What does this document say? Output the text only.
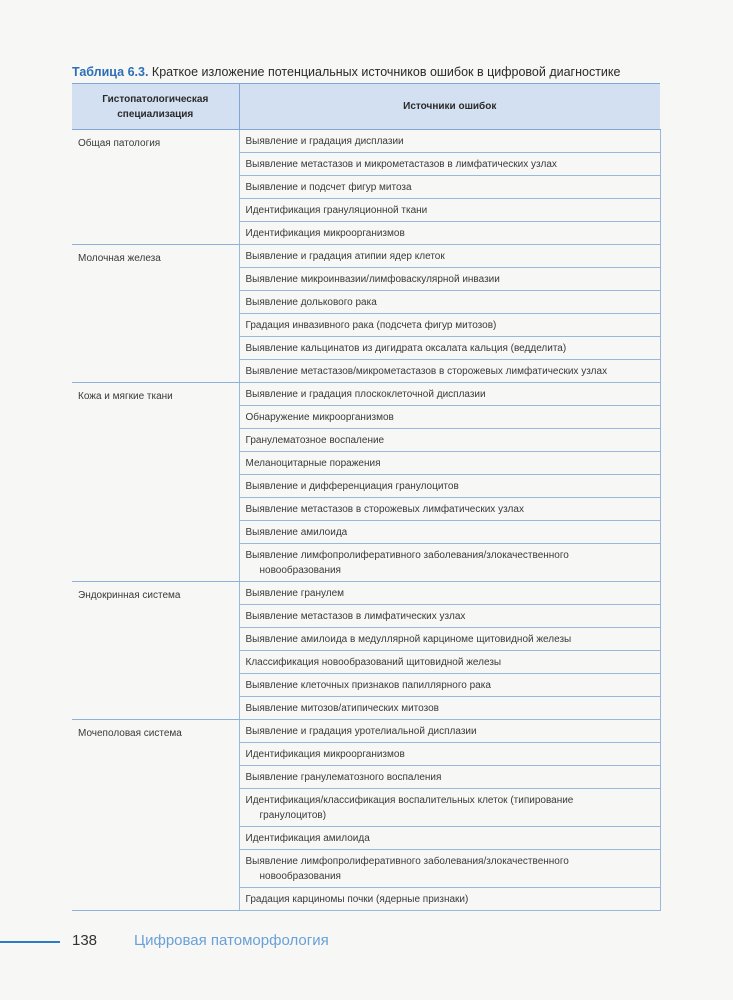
Таблица 6.3. Краткое изложение потенциальных источников ошибок в цифровой диагностике
Гистопатологическая специализация	Источники ошибок
Общая патология	Выявление и градация дисплазии
	Выявление метастазов и микрометастазов в лимфатических узлах
	Выявление и подсчет фигур митоза
	Идентификация грануляционной ткани
	Идентификация микроорганизмов
Молочная железа	Выявление и градация атипии ядер клеток
	Выявление микроинвазии/лимфоваскулярной инвазии
	Выявление долькового рака
	Градация инвазивного рака (подсчета фигур митозов)
	Выявление кальцинатов из дигидрата оксалата кальция (ведделита)
	Выявление метастазов/микрометастазов в сторожевых лимфатических узлах
Кожа и мягкие ткани	Выявление и градация плоскоклеточной дисплазии
	Обнаружение микроорганизмов
	Гранулематозное воспаление
	Меланоцитарные поражения
	Выявление и дифференциация гранулоцитов
	Выявление метастазов в сторожевых лимфатических узлах
	Выявление амилоида
	Выявление лимфопролиферативного заболевания/злокачественного
новообразования

Эндокринная система	Выявление гранулем
	Выявление метастазов в лимфатических узлах
	Выявление амилоида в медуллярной карциноме щитовидной железы
	Классификация новообразований щитовидной железы
	Выявление клеточных признаков папиллярного рака
	Выявление митозов/атипических митозов
Мочеполовая система	Выявление и градация уротелиальной дисплазии
	Идентификация микроорганизмов
	Выявление гранулематозного воспаления
	Идентификация/классификация воспалительных клеток (типирование
гранулоцитов)

	Идентификация амилоида
	Выявление лимфопролиферативного заболевания/злокачественного
новообразования

	Градация карциномы почки (ядерные признаки)
138 Цифровая патоморфология
